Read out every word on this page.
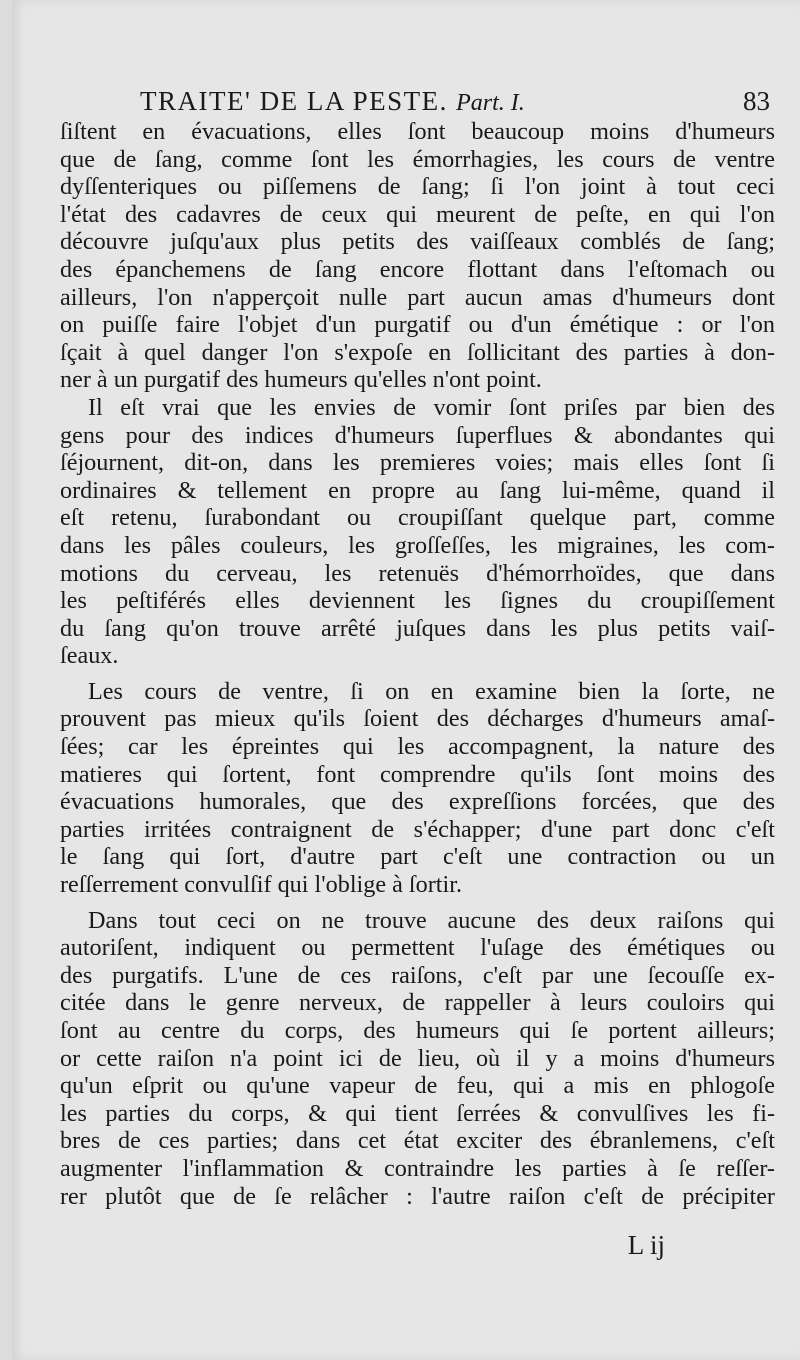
TRAITE' DE LA PESTE. Part. I.	83

ſiſtent en évacuations, elles ſont beaucoup moins d'humeurs
que de ſang, comme ſont les émorrhagies, les cours de ventre
dyſſenteriques ou piſſemens de ſang; ſi l'on joint à tout ceci
l'état des cadavres de ceux qui meurent de peſte, en qui l'on
découvre juſqu'aux plus petits des vaiſſeaux comblés de ſang;
des épanchemens de ſang encore flottant dans l'eſtomach ou
ailleurs, l'on n'apperçoit nulle part aucun amas d'humeurs dont
on puiſſe faire l'objet d'un purgatif ou d'un émétique : or l'on
ſçait à quel danger l'on s'expoſe en ſollicitant des parties à don-
ner à un purgatif des humeurs qu'elles n'ont point.

Il eſt vrai que les envies de vomir ſont priſes par bien des
gens pour des indices d'humeurs ſuperflues & abondantes qui
ſéjournent, dit-on, dans les premieres voies; mais elles ſont ſi
ordinaires & tellement en propre au ſang lui-même, quand il
eſt retenu, ſurabondant ou croupiſſant quelque part, comme
dans les pâles couleurs, les groſſeſſes, les migraines, les com-
motions du cerveau, les retenuës d'hémorrhoïdes, que dans
les peſtiférés elles deviennent les ſignes du croupiſſement
du ſang qu'on trouve arrêté juſques dans les plus petits vaiſ-
ſeaux.

Les cours de ventre, ſi on en examine bien la ſorte, ne
prouvent pas mieux qu'ils ſoient des décharges d'humeurs amaſ-
ſées; car les épreintes qui les accompagnent, la nature des
matieres qui ſortent, font comprendre qu'ils ſont moins des
évacuations humorales, que des expreſſions forcées, que des
parties irritées contraignent de s'échapper; d'une part donc c'eſt
le ſang qui ſort, d'autre part c'eſt une contraction ou un
reſſerrement convulſif qui l'oblige à ſortir.

Dans tout ceci on ne trouve aucune des deux raiſons qui
autoriſent, indiquent ou permettent l'uſage des émétiques ou
des purgatifs. L'une de ces raiſons, c'eſt par une ſecouſſe ex-
citée dans le genre nerveux, de rappeller à leurs couloirs qui
ſont au centre du corps, des humeurs qui ſe portent ailleurs;
or cette raiſon n'a point ici de lieu, où il y a moins d'humeurs
qu'un eſprit ou qu'une vapeur de feu, qui a mis en phlogoſe
les parties du corps, & qui tient ſerrées & convulſives les fi-
bres de ces parties; dans cet état exciter des ébranlemens, c'eſt
augmenter l'inflammation & contraindre les parties à ſe reſſer-
rer plutôt que de ſe relâcher : l'autre raiſon c'eſt de précipiter

L ij
